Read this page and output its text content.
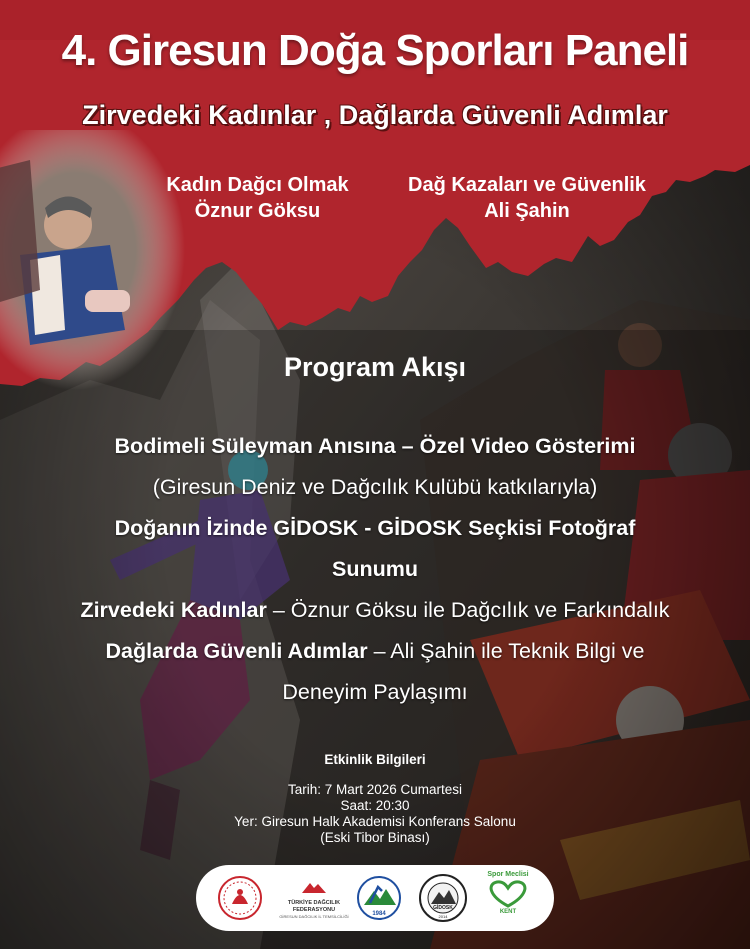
4. Giresun Doğa Sporları Paneli
Zirvedeki Kadınlar , Dağlarda Güvenli Adımlar
Kadın Dağcı Olmak
Öznur Göksu
Dağ Kazaları ve Güvenlik
Ali Şahin
Program Akışı
Bodimeli Süleyman Anısına – Özel Video Gösterimi
(Giresun Deniz ve Dağcılık Kulübü katkılarıyla)
Doğanın İzinde GİDOSK - GİDOSK Seçkisi Fotoğraf
Sunumu
Zirvedeki Kadınlar – Öznur Göksu ile Dağcılık ve Farkındalık
Dağlarda Güvenli Adımlar – Ali Şahin ile Teknik Bilgi ve
Deneyim Paylaşımı
Etkinlik Bilgileri
Tarih: 7 Mart 2026 Cumartesi
Saat: 20:30
Yer: Giresun Halk Akademisi Konferans Salonu
(Eski Tibor Binası)
TÜRKİYE DAĞCILIK FEDERASYONU
GİRESUN DAĞCILIK İL TEMSİLCİLİĞİ	1984
GİDOSK
2014
Spor Meclisi
KENT
